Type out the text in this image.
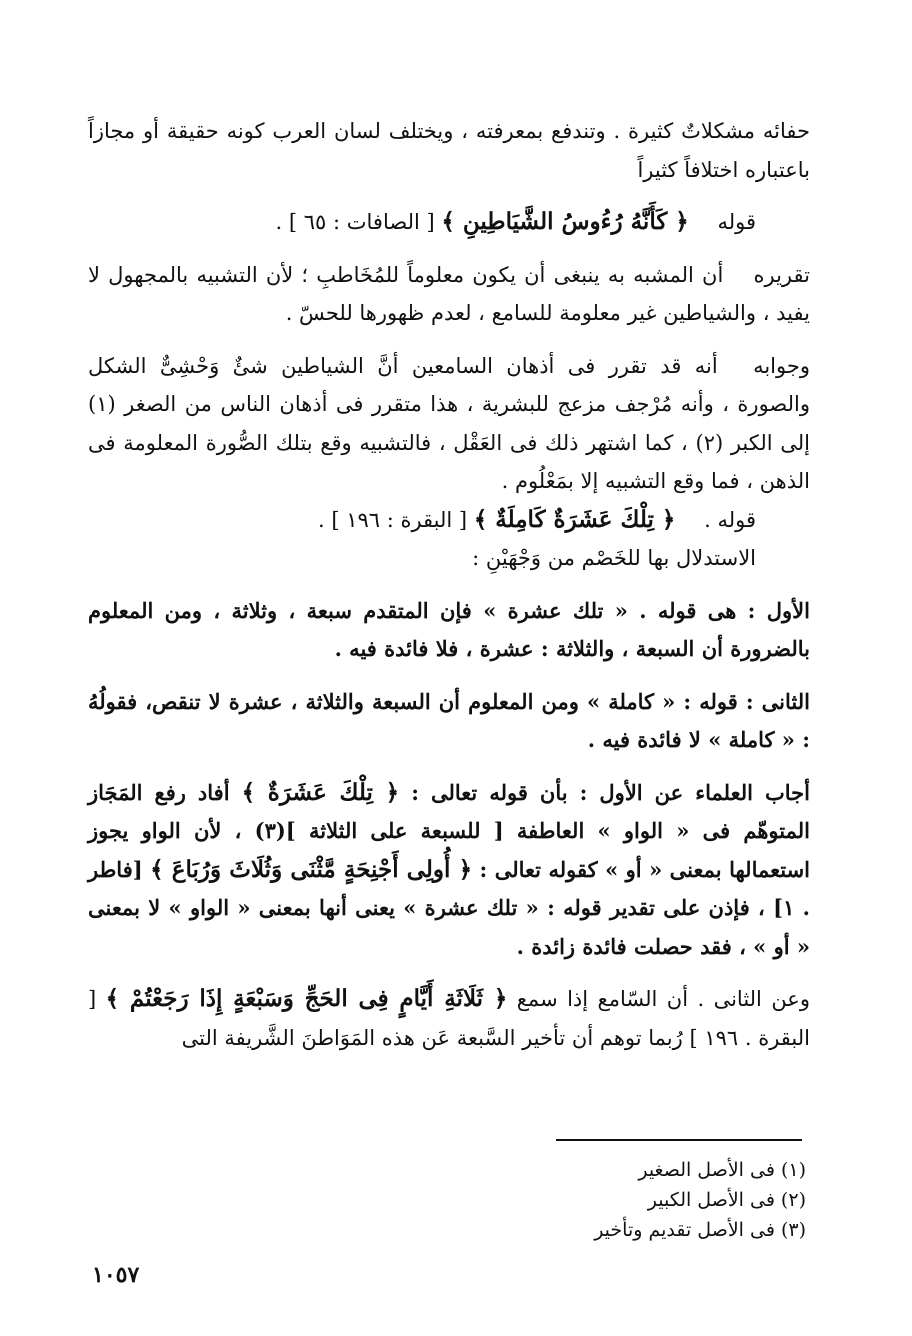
حفائه مشكلاتٌ كثيرة . وتندفع بمعرفته ، ويختلف لسان العرب كونه حقيقة أو مجازاً باعتباره اختلافاً كثيراً

قوله ﴿ كَأَنَّهُ رُءُوسُ الشَّيَاطِينِ ﴾ [ الصافات : ٦٥ ] .

تقريره أن المشبه به ينبغى أن يكون معلوماً للمُخَاطبِ ؛ لأن التشبيه بالمجهول لا يفيد ، والشياطين غير معلومة للسامع ، لعدم ظهورها للحسّ .

وجوابه أنه قد تقرر فى أذهان السامعين أنَّ الشياطين شئٌ وَحْشِىٌّ الشكل والصورة ، وأنه مُرْجف مزعج للبشرية ، هذا متقرر فى أذهان الناس من الصغر (١) إلى الكبر (٢) ، كما اشتهر ذلك فى العَقْل ، فالتشبيه وقع بتلك الصُّورة المعلومة فى الذهن ، فما وقع التشبيه إلا بمَعْلُوم .

قوله . ﴿ تِلْكَ عَشَرَةٌ كَامِلَةٌ ﴾ [ البقرة : ١٩٦ ] .

الاستدلال بها للخَصْم من وَجْهَيْنِ :

الأول : هى قوله . « تلك عشرة » فإن المتقدم سبعة ، وثلاثة ، ومن المعلوم بالضرورة أن السبعة ، والثلاثة : عشرة ، فلا فائدة فيه .

الثانى : قوله : « كاملة » ومن المعلوم أن السبعة والثلاثة ، عشرة لا تنقص، فقولُهُ : « كاملة » لا فائدة فيه .

أجاب العلماء عن الأول : بأن قوله تعالى : ﴿ تِلْكَ عَشَرَةٌ ﴾ أفاد رفع المَجَاز المتوهّم فى « الواو » العاطفة [ للسبعة على الثلاثة ](٣) ، لأن الواو يجوز استعمالها بمعنى « أو » كقوله تعالى : ﴿ أُولِى أَجْنِحَةٍ مَّثْنَى وَثُلَاثَ وَرُبَاعَ ﴾ [فاطر . ١] ، فإذن على تقدير قوله : « تلك عشرة » يعنى أنها بمعنى « الواو » لا بمعنى « أو » ، فقد حصلت فائدة زائدة .

وعن الثانى . أن السّامع إذا سمع ﴿ ثَلَاثَةِ أَيَّامٍ فِى الحَجِّ وَسَبْعَةٍ إِذَا رَجَعْتُمْ ﴾ [ البقرة . ١٩٦ ] رُبما توهم أن تأخير السَّبعة عَن هذه المَوَاطنَ الشَّريفة التى

(١) فى الأصل الصغير
(٢) فى الأصل الكبير
(٣) فى الأصل تقديم وتأخير
١٠٥٧
